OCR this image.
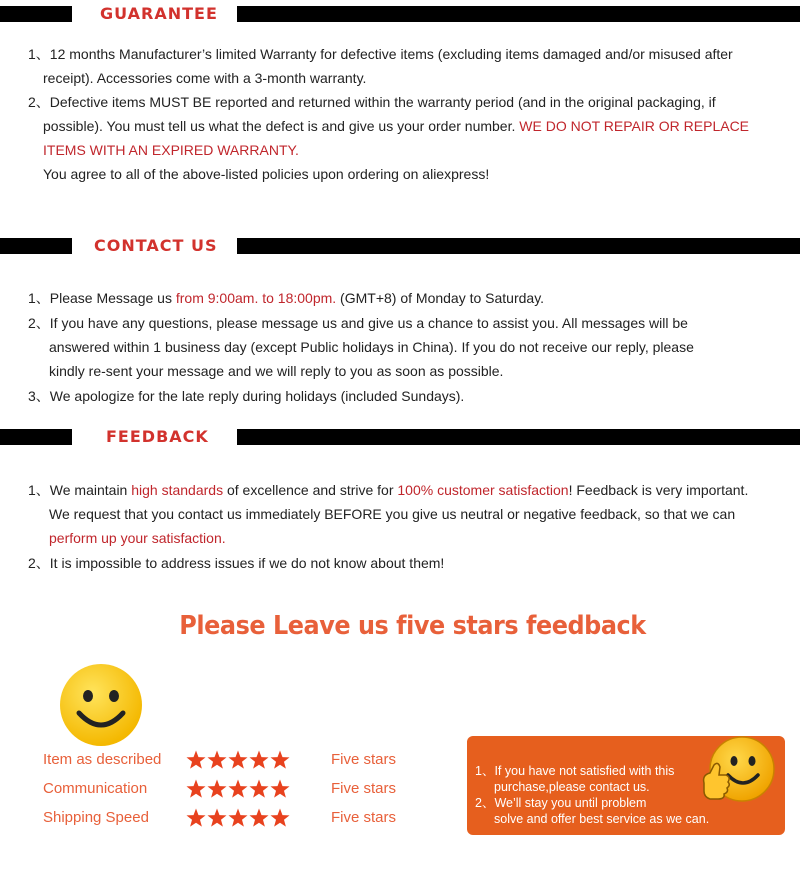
GUARANTEE
1、12 months Manufacturer’s limited Warranty for defective items (excluding items damaged and/or misused after
receipt). Accessories come with a 3-month warranty.
2、Defective items MUST BE reported and returned within the warranty period (and in the original packaging, if
possible). You must tell us what the defect is and give us your order number. WE DO NOT REPAIR OR REPLACE
ITEMS WITH AN EXPIRED WARRANTY.
You agree to all of the above-listed policies upon ordering on aliexpress!
CONTACT US
1、Please Message us from 9:00am. to 18:00pm. (GMT+8) of Monday to Saturday.
2、If you have any questions, please message us and give us a chance to assist you. All messages will be
answered within 1 business day (except Public holidays in China). If you do not receive our reply, please
kindly re-sent your message and we will reply to you as soon as possible.
3、We apologize for the late reply during holidays (included Sundays).
FEEDBACK
1、We maintain high standards of excellence and strive for 100% customer satisfaction! Feedback is very important.
We request that you contact us immediately BEFORE you give us neutral or negative feedback, so that we can
perform up your satisfaction.
2、It is impossible to address issues if we do not know about them!
Please Leave us five stars feedback
Item as described	Five stars
Communication	Five stars
Shipping Speed	Five stars
1、If you have not satisfied with this
purchase,please contact us.
2、We’ll stay you until problem
solve and offer best service as we can.
